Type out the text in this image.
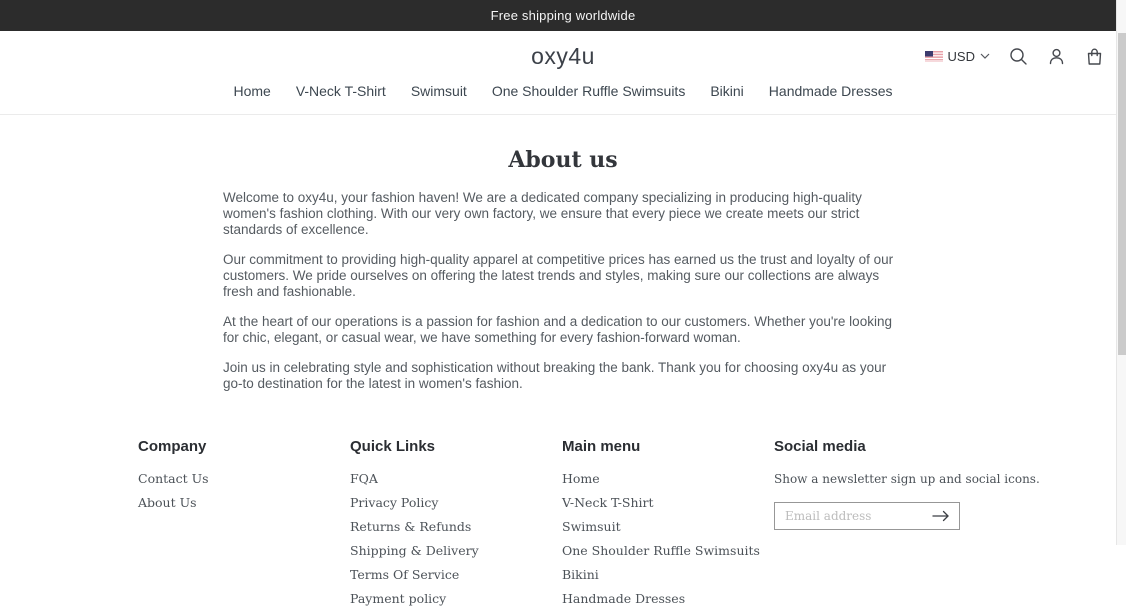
Free shipping worldwide
oxy4u	USD
Home V-Neck T-Shirt Swimsuit One Shoulder Ruffle Swimsuits Bikini Handmade Dresses
About us

Welcome to oxy4u, your fashion haven! We are a dedicated company specializing in producing high-quality women's fashion clothing. With our very own factory, we ensure that every piece we create meets our strict standards of excellence.

Our commitment to providing high-quality apparel at competitive prices has earned us the trust and loyalty of our customers. We pride ourselves on offering the latest trends and styles, making sure our collections are always fresh and fashionable.

At the heart of our operations is a passion for fashion and a dedication to our customers. Whether you're looking for chic, elegant, or casual wear, we have something for every fashion-forward woman.

Join us in celebrating style and sophistication without breaking the bank. Thank you for choosing oxy4u as your go-to destination for the latest in women's fashion.

Company
Contact Us
About Us
Quick Links
FQA
Privacy Policy
Returns & Refunds
Shipping & Delivery
Terms Of Service
Payment policy
Main menu
Home
V-Neck T-Shirt
Swimsuit
One Shoulder Ruffle Swimsuits
Bikini
Handmade Dresses
Social media

Show a newsletter sign up and social icons.

Email address
